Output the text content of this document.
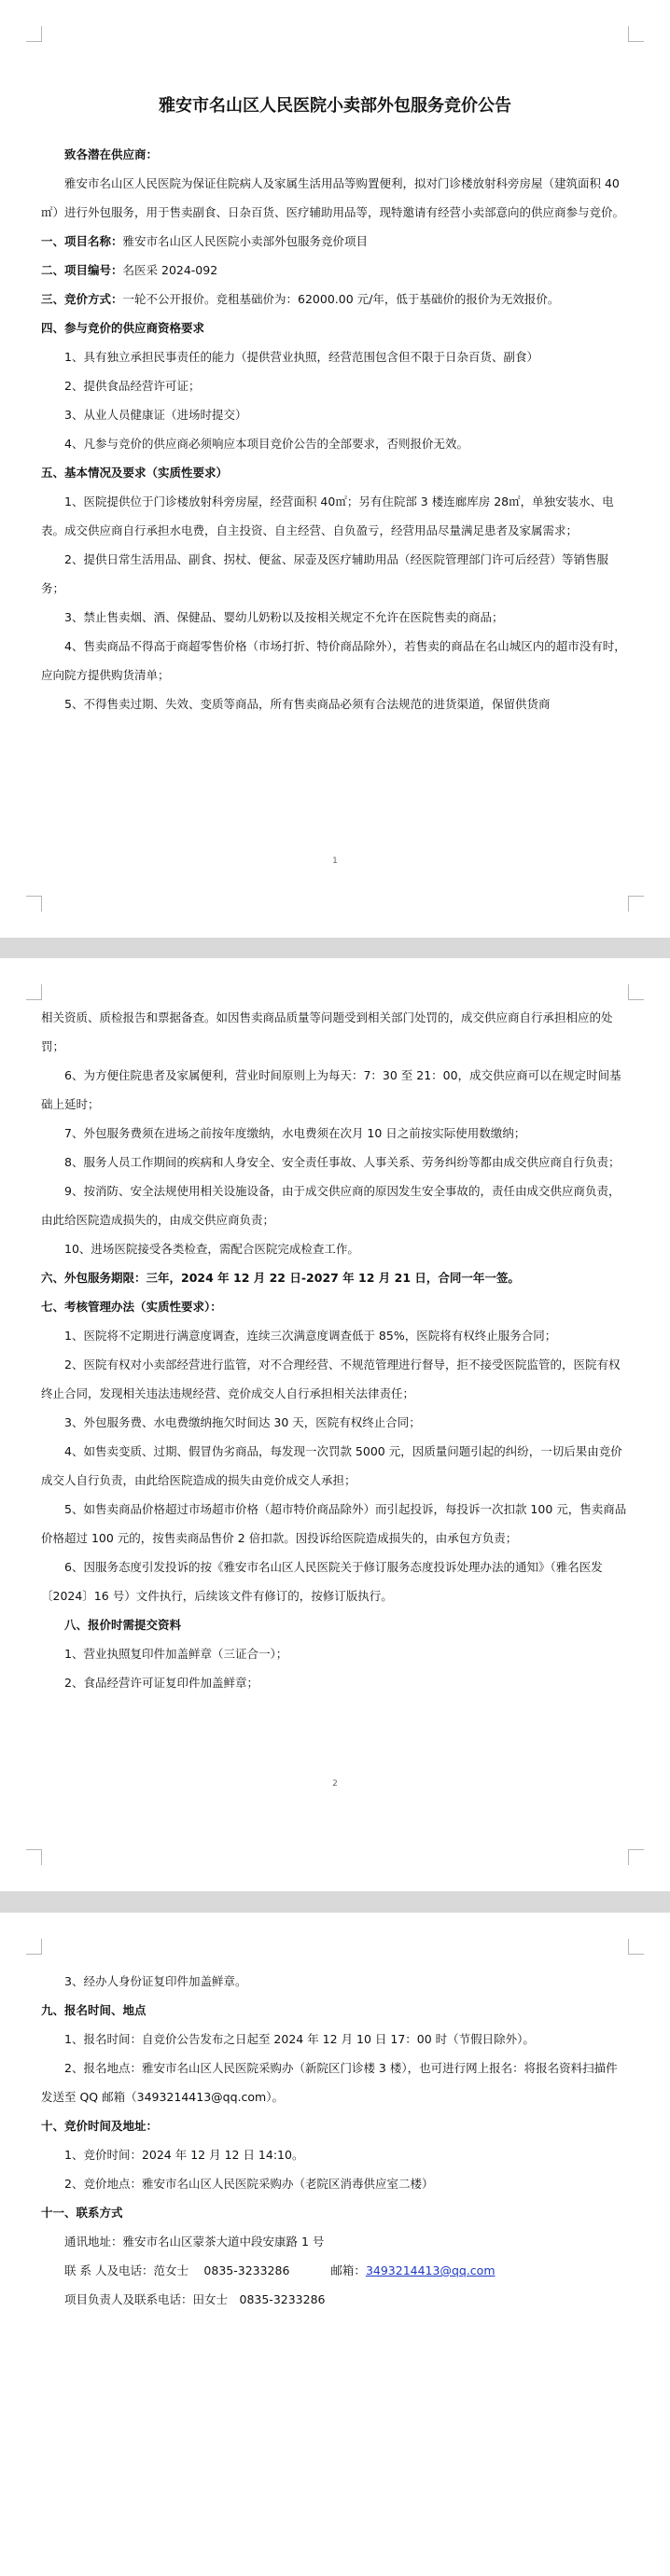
雅安市名山区人民医院小卖部外包服务竞价公告

致各潜在供应商：

雅安市名山区人民医院为保证住院病人及家属生活用品等购置便利，拟对门诊楼放射科旁房屋（建筑面积 40㎡）进行外包服务，用于售卖副食、日杂百货、医疗辅助用品等，现特邀请有经营小卖部意向的供应商参与竞价。

一、项目名称：雅安市名山区人民医院小卖部外包服务竞价项目

二、项目编号：名医采 2024-092

三、竞价方式：一轮不公开报价。竞租基础价为：62000.00 元/年，低于基础价的报价为无效报价。

四、参与竞价的供应商资格要求

1、具有独立承担民事责任的能力（提供营业执照，经营范围包含但不限于日杂百货、副食）

2、提供食品经营许可证；

3、从业人员健康证（进场时提交）

4、凡参与竞价的供应商必须响应本项目竞价公告的全部要求，否则报价无效。

五、基本情况及要求（实质性要求）

1、医院提供位于门诊楼放射科旁房屋，经营面积 40㎡；另有住院部 3 楼连廊库房 28㎡，单独安装水、电表。成交供应商自行承担水电费，自主投资、自主经营、自负盈亏，经营用品尽量满足患者及家属需求；

2、提供日常生活用品、副食、拐杖、便盆、尿壶及医疗辅助用品（经医院管理部门许可后经营）等销售服务；

3、禁止售卖烟、酒、保健品、婴幼儿奶粉以及按相关规定不允许在医院售卖的商品；

4、售卖商品不得高于商超零售价格（市场打折、特价商品除外），若售卖的商品在名山城区内的超市没有时，应向院方提供购货清单；

5、不得售卖过期、失效、变质等商品，所有售卖商品必须有合法规范的进货渠道，保留供货商

1

相关资质、质检报告和票据备查。如因售卖商品质量等问题受到相关部门处罚的，成交供应商自行承担相应的处罚；

6、为方便住院患者及家属便利，营业时间原则上为每天：7：30 至 21：00，成交供应商可以在规定时间基础上延时；

7、外包服务费须在进场之前按年度缴纳，水电费须在次月 10 日之前按实际使用数缴纳；

8、服务人员工作期间的疾病和人身安全、安全责任事故、人事关系、劳务纠纷等都由成交供应商自行负责；

9、按消防、安全法规使用相关设施设备，由于成交供应商的原因发生安全事故的，责任由成交供应商负责，由此给医院造成损失的，由成交供应商负责；

10、进场医院接受各类检查，需配合医院完成检查工作。

六、外包服务期限：三年，2024 年 12 月 22 日-2027 年 12 月 21 日，合同一年一签。

七、考核管理办法（实质性要求）：

1、医院将不定期进行满意度调查，连续三次满意度调查低于 85%，医院将有权终止服务合同；

2、医院有权对小卖部经营进行监管，对不合理经营、不规范管理进行督导，拒不接受医院监管的，医院有权终止合同，发现相关违法违规经营、竞价成交人自行承担相关法律责任；

3、外包服务费、水电费缴纳拖欠时间达 30 天，医院有权终止合同；

4、如售卖变质、过期、假冒伪劣商品，每发现一次罚款 5000 元，因质量问题引起的纠纷，一切后果由竞价成交人自行负责，由此给医院造成的损失由竞价成交人承担；

5、如售卖商品价格超过市场超市价格（超市特价商品除外）而引起投诉，每投诉一次扣款 100 元，售卖商品价格超过 100 元的，按售卖商品售价 2 倍扣款。因投诉给医院造成损失的，由承包方负责；

6、因服务态度引发投诉的按《雅安市名山区人民医院关于修订服务态度投诉处理办法的通知》（雅名医发〔2024〕16 号）文件执行，后续该文件有修订的，按修订版执行。

八、报价时需提交资料

1、营业执照复印件加盖鲜章（三证合一）；

2、食品经营许可证复印件加盖鲜章；

2

3、经办人身份证复印件加盖鲜章。

九、报名时间、地点

1、报名时间：自竞价公告发布之日起至 2024 年 12 月 10 日 17：00 时（节假日除外）。

2、报名地点：雅安市名山区人民医院采购办（新院区门诊楼 3 楼），也可进行网上报名：将报名资料扫描件发送至 QQ 邮箱（3493214413@qq.com）。

十、竞价时间及地址：

1、竞价时间：2024 年 12 月 12 日 14:10。

2、竞价地点：雅安市名山区人民医院采购办（老院区消毒供应室二楼）

十一、联系方式

通讯地址：雅安市名山区蒙茶大道中段安康路 1 号

联 系 人及电话：范女士　 0835-3233286	邮箱：3493214413@qq.com

项目负责人及联系电话：田女士　0835-3233286
